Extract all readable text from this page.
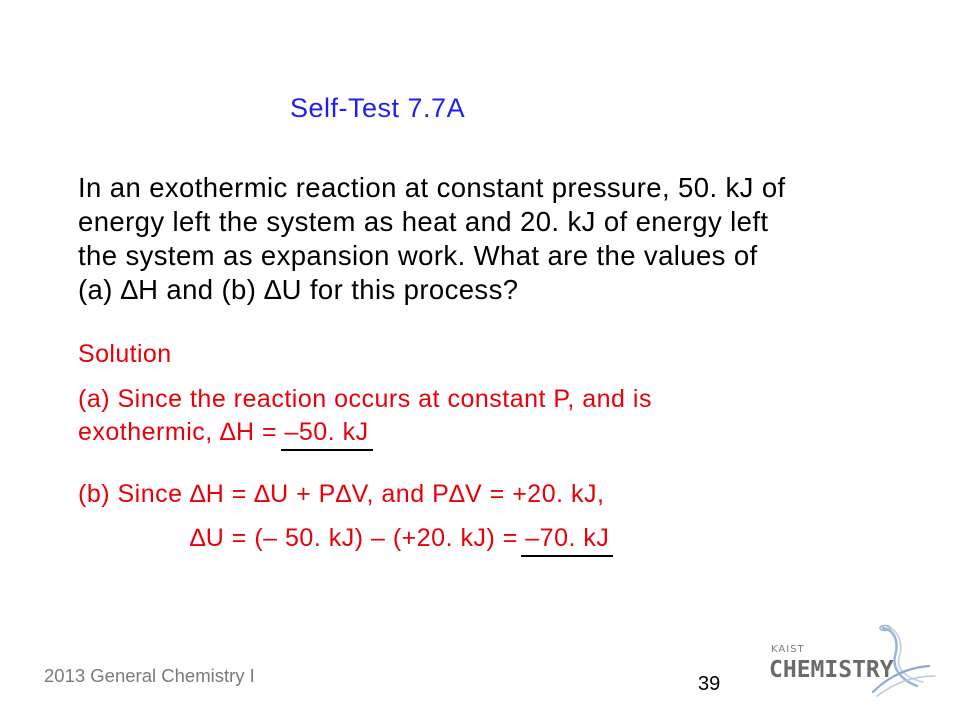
Self-Test 7.7A
In an exothermic reaction at constant pressure, 50. kJ of
energy left the system as heat and 20. kJ of energy left
the system as expansion work. What are the values of
(a) ∆H and (b) ∆U for this process?
Solution
(a) Since the reaction occurs at constant P, and is
exothermic, ∆H = –50. kJ
(b) Since ∆H = ∆U + P∆V, and P∆V = +20. kJ,
∆U = (– 50. kJ) – (+20. kJ) = –70. kJ
2013 General Chemistry I	39
KAIST
CHEMISTRY
